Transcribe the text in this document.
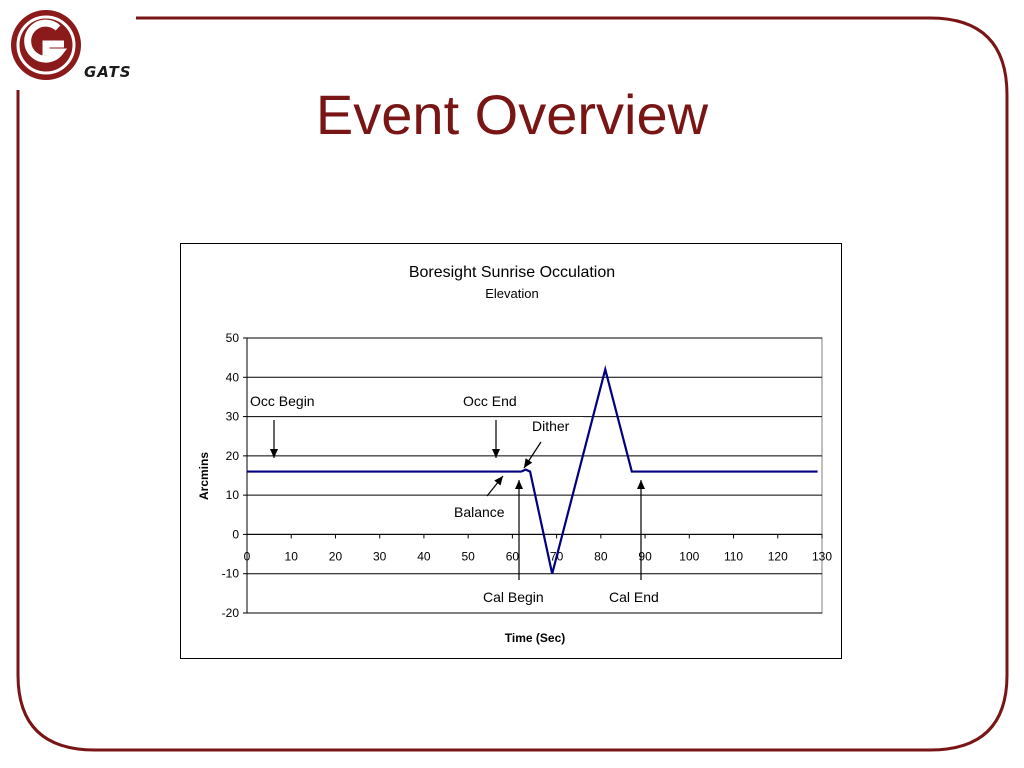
GATS
Event Overview
Boresight Sunrise Occulation
Elevation
Time (Sec)
Arcmins
-20
-10
0
10
20
30
40
50
0	10	20	30	40	50	60	70	80	90 100 110 120 130
Occ Begin	Occ End
Dither
Balance
Cal Begin	Cal End
